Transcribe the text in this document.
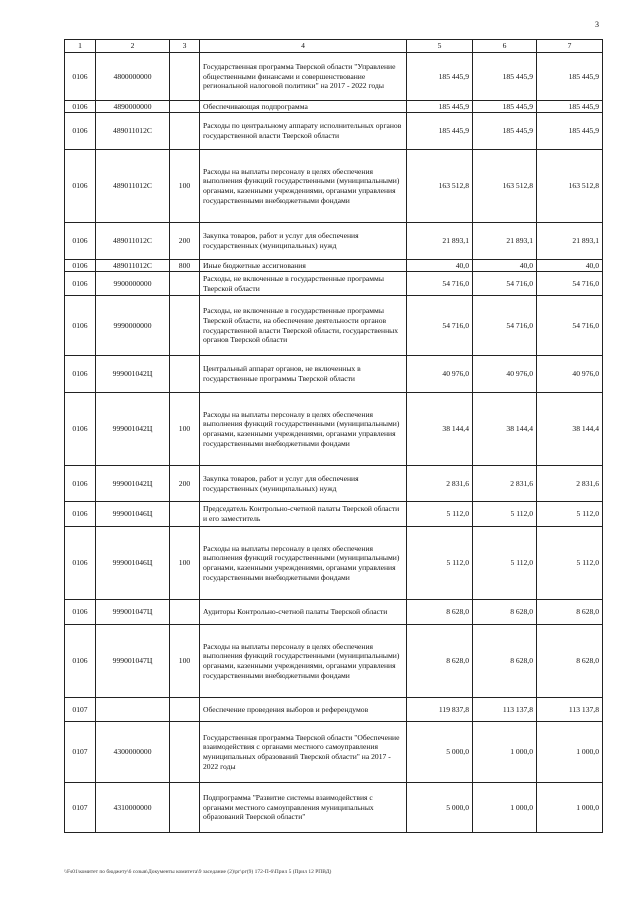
3
1	2	3	4	5	6	7
0106	4800000000		Государственная программа Тверской области "Управление общественными финансами и совершенствование региональной налоговой политики" на 2017 - 2022 годы	185 445,9	185 445,9	185 445,9
0106	4890000000		Обеспечивающая подпрограмма	185 445,9	185 445,9	185 445,9
0106	489011012С		Расходы по центральному аппарату исполнительных органов государственной власти Тверской области	185 445,9	185 445,9	185 445,9
0106	489011012С	100	Расходы на выплаты персоналу в целях обеспечения выполнения функций государственными (муниципальными) органами, казенными учреждениями, органами управления государственными внебюджетными фондами	163 512,8	163 512,8	163 512,8
0106	489011012С	200	Закупка товаров, работ и услуг для обеспечения государственных (муниципальных) нужд	21 893,1	21 893,1	21 893,1
0106	489011012С	800	Иные бюджетные ассигнования	40,0	40,0	40,0
0106	9900000000		Расходы, не включенные в государственные программы Тверской области	54 716,0	54 716,0	54 716,0
0106	9990000000		Расходы, не включенные в государственные программы Тверской области, на обеспечение деятельности органов государственной власти Тверской области, государственных органов Тверской области	54 716,0	54 716,0	54 716,0
0106	999001042Ц		Центральный аппарат органов, не включенных в государственные программы Тверской области	40 976,0	40 976,0	40 976,0
0106	999001042Ц	100	Расходы на выплаты персоналу в целях обеспечения выполнения функций государственными (муниципальными) органами, казенными учреждениями, органами управления государственными внебюджетными фондами	38 144,4	38 144,4	38 144,4
0106	999001042Ц	200	Закупка товаров, работ и услуг для обеспечения государственных (муниципальных) нужд	2 831,6	2 831,6	2 831,6
0106	999001046Ц		Председатель Контрольно-счетной палаты Тверской области и его заместитель	5 112,0	5 112,0	5 112,0
0106	999001046Ц	100	Расходы на выплаты персоналу в целях обеспечения выполнения функций государственными (муниципальными) органами, казенными учреждениями, органами управления государственными внебюджетными фондами	5 112,0	5 112,0	5 112,0
0106	999001047Ц		Аудиторы Контрольно-счетной палаты Тверской области	8 628,0	8 628,0	8 628,0
0106	999001047Ц	100	Расходы на выплаты персоналу в целях обеспечения выполнения функций государственными (муниципальными) органами, казенными учреждениями, органами управления государственными внебюджетными фондами	8 628,0	8 628,0	8 628,0
0107			Обеспечение проведения выборов и референдумов	119 837,8	113 137,8	113 137,8
0107	4300000000		Государственная программа Тверской области "Обеспечение взаимодействия с органами местного самоуправления муниципальных образований Тверской области" на 2017 - 2022 годы	5 000,0	1 000,0	1 000,0
0107	4310000000		Подпрограмма "Развитие системы взаимодействия с органами местного самоуправления муниципальных образований Тверской области"	5 000,0	1 000,0	1 000,0
\\Fs01\комитет по бюджету\6 созыв\Документы комитета\9 заседание (2)\рг\рг(9) 172-П-6\Прил 5 (Прил 12 РПВД)
